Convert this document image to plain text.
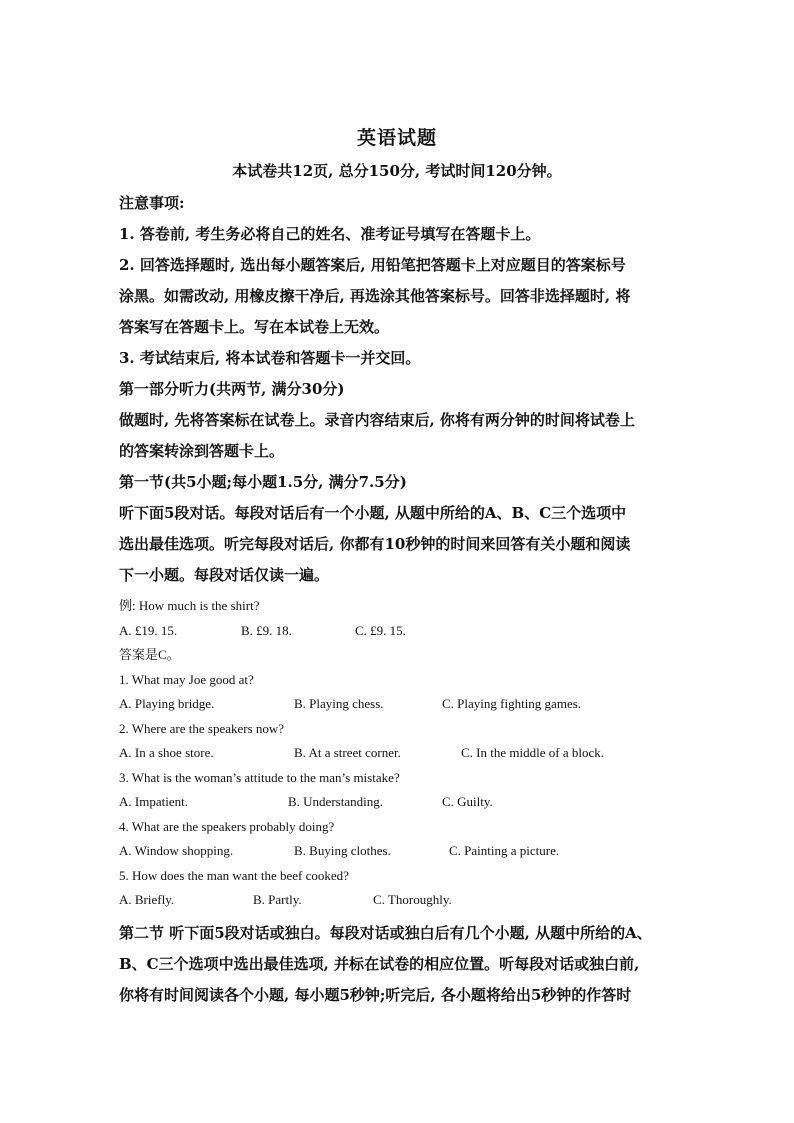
英语试题
本试卷共12页, 总分150分, 考试时间120分钟。
注意事项:
1. 答卷前, 考生务必将自己的姓名、准考证号填写在答题卡上。
2. 回答选择题时, 选出每小题答案后, 用铅笔把答题卡上对应题目的答案标号
涂黑。如需改动, 用橡皮擦干净后, 再选涂其他答案标号。回答非选择题时, 将
答案写在答题卡上。写在本试卷上无效。
3. 考试结束后, 将本试卷和答题卡一并交回。
第一部分听力(共两节, 满分30分)
做题时, 先将答案标在试卷上。录音内容结束后, 你将有两分钟的时间将试卷上
的答案转涂到答题卡上。
第一节(共5小题;每小题1.5分, 满分7.5分)
听下面5段对话。每段对话后有一个小题, 从题中所给的A、B、C三个选项中
选出最佳选项。听完每段对话后, 你都有10秒钟的时间来回答有关小题和阅读
下一小题。每段对话仅读一遍。
例: How much is the shirt?
A. £19. 15.	B. £9. 18.	C. £9. 15.
答案是C。
1. What may Joe good at?
A. Playing bridge.	B. Playing chess.	C. Playing fighting games.
2. Where are the speakers now?
A. In a shoe store.	B. At a street corner.	C. In the middle of a block.
3. What is the woman’s attitude to the man’s mistake?
A. Impatient.	B. Understanding.	C. Guilty.
4. What are the speakers probably doing?
A. Window shopping.	B. Buying clothes.	C. Painting a picture.
5. How does the man want the beef cooked?
A. Briefly.	B. Partly.	C. Thoroughly.
第二节 听下面5段对话或独白。每段对话或独白后有几个小题, 从题中所给的A、
B、C三个选项中选出最佳选项, 并标在试卷的相应位置。听每段对话或独白前,
你将有时间阅读各个小题, 每小题5秒钟;听完后, 各小题将给出5秒钟的作答时
